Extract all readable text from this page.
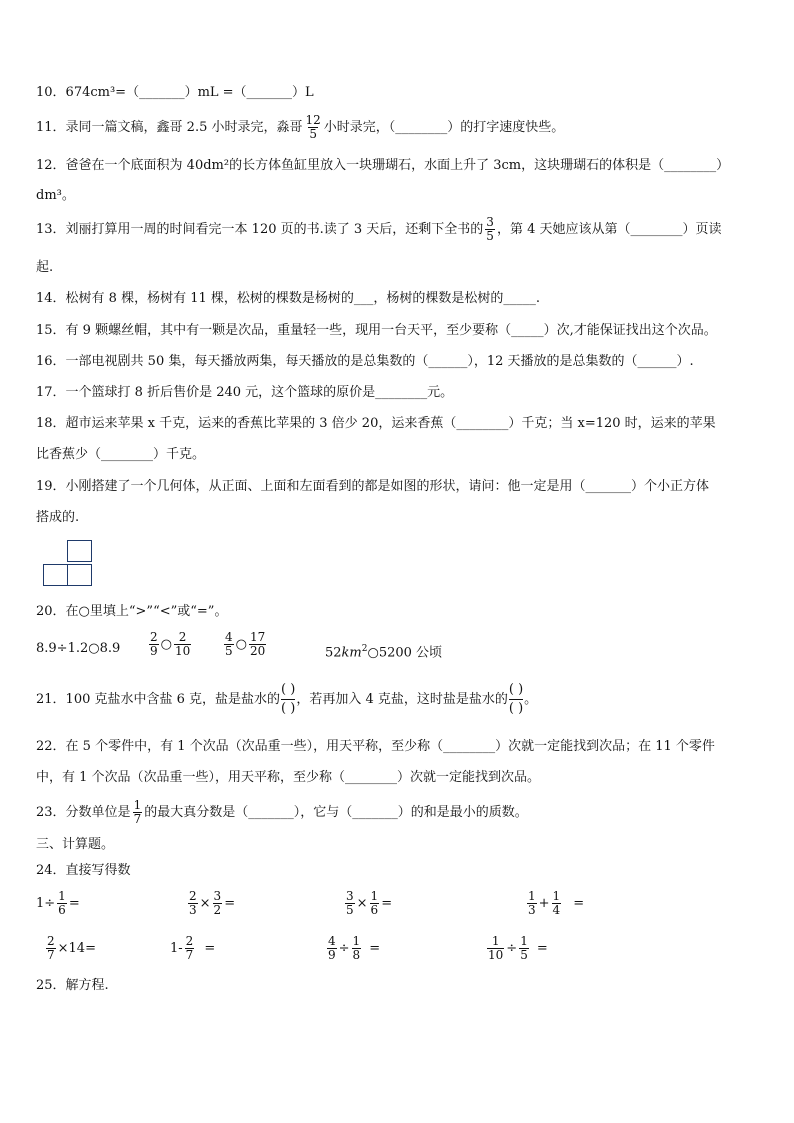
10．674cm³=（_______）mL =（_______）L
11．录同一篇文稿，鑫哥 2.5 小时录完，淼哥 $\frac{12}{5}$ 小时录完，（________）的打字速度快些。
12．爸爸在一个底面积为 40dm²的长方体鱼缸里放入一块珊瑚石，水面上升了 3cm，这块珊瑚石的体积是（________）
dm³。
13．刘丽打算用一周的时间看完一本 120 页的书.读了 3 天后，还剩下全书的 $\frac{3}{5}$ ，第 4 天她应该从第（________）页读
起.
14．松树有 8 棵，杨树有 11 棵，松树的棵数是杨树的___，杨树的棵数是松树的_____.
15．有 9 颗螺丝帽，其中有一颗是次品，重量轻一些，现用一台天平，至少要称（_____）次,才能保证找出这个次品。
16．一部电视剧共 50 集，每天播放两集，每天播放的是总集数的（______），12 天播放的是总集数的（______）.
17．一个篮球打 8 折后售价是 240 元，这个篮球的原价是________元。
18．超市运来苹果 x 千克，运来的香蕉比苹果的 3 倍少 20，运来香蕉（________）千克；当 x=120 时，运来的苹果
比香蕉少（________）千克。
19．小刚搭建了一个几何体，从正面、上面和左面看到的都是如图的形状，请问：他一定是用（_______）个小正方体
搭成的.
20．在○里填上“>”“<”或“=”。
8.9÷1.2○8.9 $\frac{2}{9}$ ○ $\frac{2}{10}$	$\frac{4}{5}$ ○ $\frac{17}{20}$	$52km^2○5200$ 公顷
21．100 克盐水中含盐 6 克，盐是盐水的 $\frac{( )}{( )}$ ，若再加入 4 克盐，这时盐是盐水的 $\frac{( )}{( )}$ 。
22．在 5 个零件中，有 1 个次品（次品重一些），用天平称，至少称（________）次就一定能找到次品；在 11 个零件
中，有 1 个次品（次品重一些），用天平称，至少称（________）次就一定能找到次品。
23．分数单位是 $\frac{1}{7}$ 的最大真分数是（_______），它与（_______）的和是最小的质数。
三、计算题。
24．直接写得数
$1\div \frac{1}{6}$ =	$\frac{2}{3} \times \frac{3}{2}$ =	$\frac{3}{5} \times \frac{1}{6}$ =	$\frac{1}{3} + \frac{1}{4}$ =
$\frac{2}{7} \times 14=$	$1- \frac{2}{7}$ =	$\frac{4}{9} \div \frac{1}{8}$ =	$\frac{1}{10} \div \frac{1}{5}$ =
25．解方程.
